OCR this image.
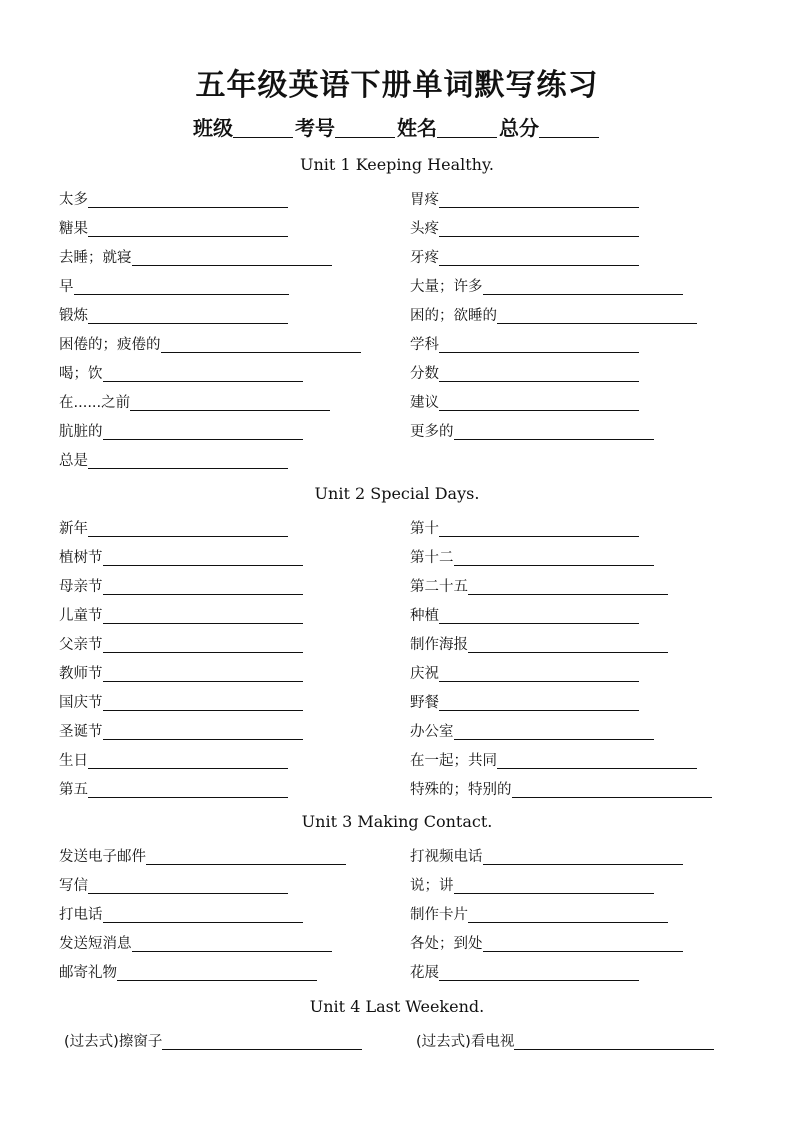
五年级英语下册单词默写练习
班级	考号	姓名	总分
Unit 1 Keeping Healthy.
太多	胃疼
糖果	头疼
去睡；就寝	牙疼
早	大量；许多
锻炼	困的；欲睡的
困倦的；疲倦的	学科
喝；饮	分数
在......之前	建议
肮脏的	更多的
总是
Unit 2 Special Days.
新年	第十
植树节	第十二
母亲节	第二十五
儿童节	种植
父亲节	制作海报
教师节	庆祝
国庆节	野餐
圣诞节	办公室
生日	在一起；共同
第五	特殊的；特别的
Unit 3 Making Contact.
发送电子邮件	打视频电话
写信	说；讲
打电话	制作卡片
发送短消息	各处；到处
邮寄礼物	花展
Unit 4 Last Weekend.
(过去式)擦窗子	(过去式)看电视
